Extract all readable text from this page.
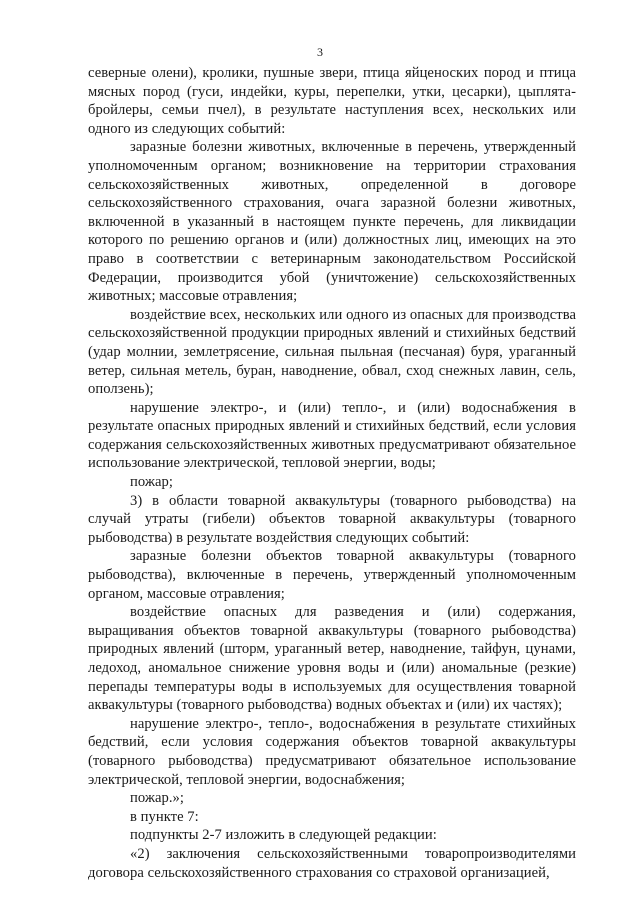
3

северные олени), кролики, пушные звери, птица яйценоских пород и птица мясных пород (гуси, индейки, куры, перепелки, утки, цесарки), цыплята-бройлеры, семьи пчел), в результате наступления всех, нескольких или одного из следующих событий:

заразные болезни животных, включенные в перечень, утвержденный уполномоченным органом; возникновение на территории страхования сельскохозяйственных животных, определенной в договоре сельскохозяйственного страхования, очага заразной болезни животных, включенной в указанный в настоящем пункте перечень, для ликвидации которого по решению органов и (или) должностных лиц, имеющих на это право в соответствии с ветеринарным законодательством Российской Федерации, производится убой (уничтожение) сельскохозяйственных животных; массовые отравления;

воздействие всех, нескольких или одного из опасных для производства сельскохозяйственной продукции природных явлений и стихийных бедствий (удар молнии, землетрясение, сильная пыльная (песчаная) буря, ураганный ветер, сильная метель, буран, наводнение, обвал, сход снежных лавин, сель, оползень);

нарушение электро-, и (или) тепло-, и (или) водоснабжения в результате опасных природных явлений и стихийных бедствий, если условия содержания сельскохозяйственных животных предусматривают обязательное использование электрической, тепловой энергии, воды;

пожар;

3) в области товарной аквакультуры (товарного рыбоводства) на случай утраты (гибели) объектов товарной аквакультуры (товарного рыбоводства) в результате воздействия следующих событий:

заразные болезни объектов товарной аквакультуры (товарного рыбоводства), включенные в перечень, утвержденный уполномоченным органом, массовые отравления;

воздействие опасных для разведения и (или) содержания, выращивания объектов товарной аквакультуры (товарного рыбоводства) природных явлений (шторм, ураганный ветер, наводнение, тайфун, цунами, ледоход, аномальное снижение уровня воды и (или) аномальные (резкие) перепады температуры воды в используемых для осуществления товарной аквакультуры (товарного рыбоводства) водных объектах и (или) их частях);

нарушение электро-, тепло-, водоснабжения в результате стихийных бедствий, если условия содержания объектов товарной аквакультуры (товарного рыбоводства) предусматривают обязательное использование электрической, тепловой энергии, водоснабжения;

пожар.»;

в пункте 7:

подпункты 2-7 изложить в следующей редакции:

«2) заключения сельскохозяйственными товаропроизводителями договора сельскохозяйственного страхования со страховой организацией,
